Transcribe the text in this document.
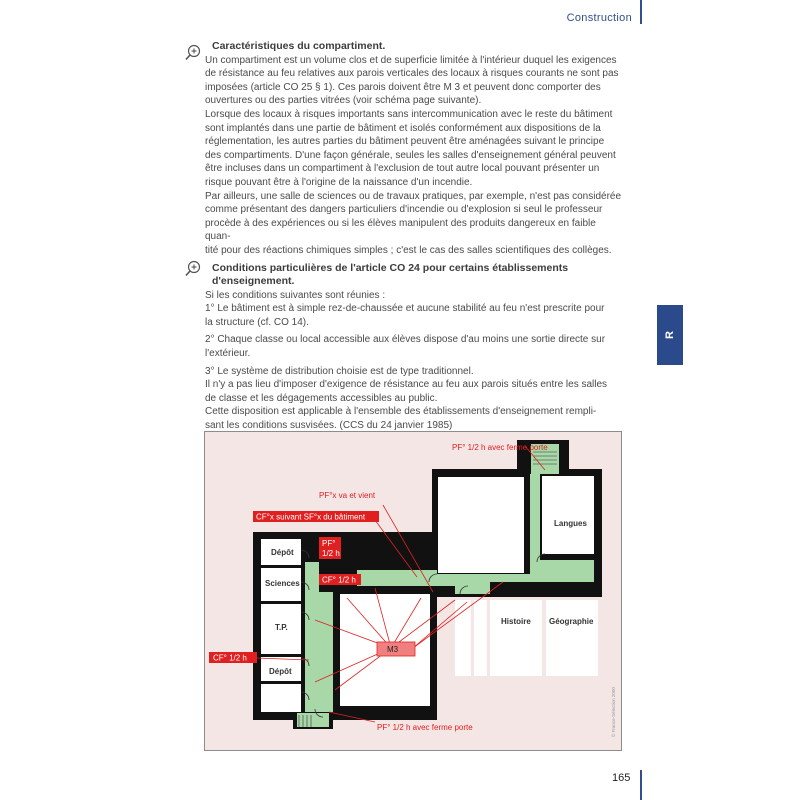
Construction
R

Caractéristiques du compartiment.

Un compartiment est un volume clos et de superficie limitée à l'intérieur duquel les exigences

de résistance au feu relatives aux parois verticales des locaux à risques courants ne sont pas

imposées (article CO 25 § 1). Ces parois doivent être M 3 et peuvent donc comporter des

ouvertures ou des parties vitrées (voir schéma page suivante).

Lorsque des locaux à risques importants sans intercommunication avec le reste du bâtiment

sont implantés dans une partie de bâtiment et isolés conformément aux dispositions de la

réglementation, les autres parties du bâtiment peuvent être aménagées suivant le principe

des compartiments. D'une façon générale, seules les salles d'enseignement général peuvent

être incluses dans un compartiment à l'exclusion de tout autre local pouvant présenter un

risque pouvant être à l'origine de la naissance d'un incendie.

Par ailleurs, une salle de sciences ou de travaux pratiques, par exemple, n'est pas considérée

comme présentant des dangers particuliers d'incendie ou d'explosion si seul le professeur

procède à des expériences ou si les élèves manipulent des produits dangereux en faible quan-

tité pour des réactions chimiques simples ; c'est le cas des salles scientifiques des collèges.

Conditions particulières de l'article CO 24 pour certains établissements d'enseignement.

Si les conditions suivantes sont réunies :

1° Le bâtiment est à simple rez-de-chaussée et aucune stabilité au feu n'est prescrite pour

la structure (cf. CO 14).

2° Chaque classe ou local accessible aux élèves dispose d'au moins une sortie directe sur

l'extérieur.

3° Le système de distribution choisie est de type traditionnel.

Il n'y a pas lieu d'imposer d'exigence de résistance au feu aux parois situés entre les salles

de classe et les dégagements accessibles au public.

Cette disposition est applicable à l'ensemble des établissements d'enseignement rempli-

sant les conditions susvisées. (CCS du 24 janvier 1985)

Dépôt
Sciences
T.P.
Dépôt
Langues
Histoire Géographie
PF° 1/2 h avec ferme porte
PF°x va et vient
CF°x suivant SF°x du bâtiment
PF°
1/2 h
CF° 1/2 h
CF° 1/2 h
M3
PF° 1/2 h avec ferme porte	© France-Sélection 2000
165
